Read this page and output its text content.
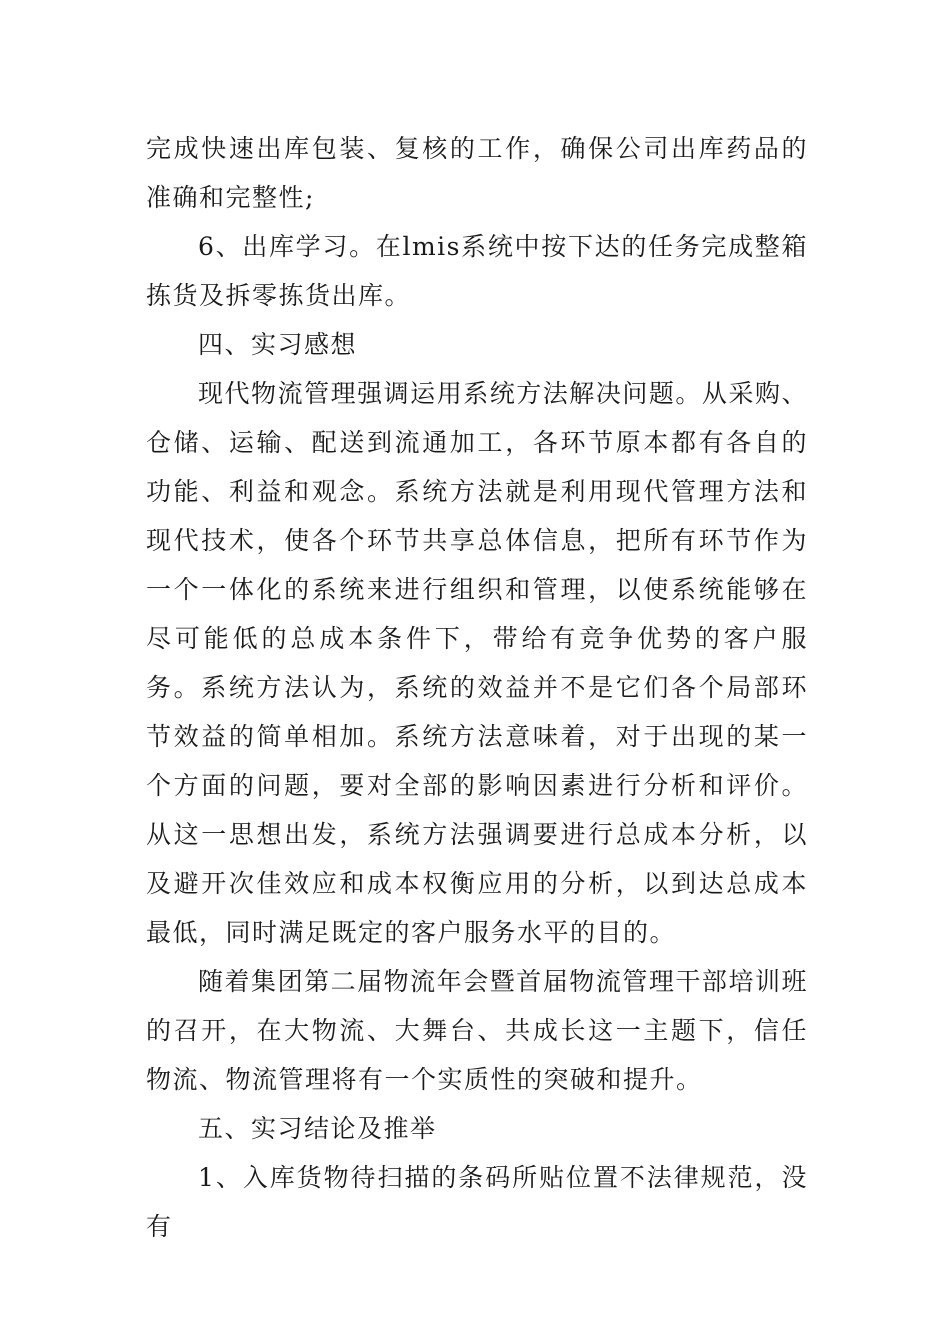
完成快速出库包装、复核的工作，确保公司出库药品的准确和完整性;

6、出库学习。在lmis系统中按下达的任务完成整箱拣货及拆零拣货出库。

四、实习感想

现代物流管理强调运用系统方法解决问题。从采购、仓储、运输、配送到流通加工，各环节原本都有各自的功能、利益和观念。系统方法就是利用现代管理方法和现代技术，使各个环节共享总体信息，把所有环节作为一个一体化的系统来进行组织和管理，以使系统能够在尽可能低的总成本条件下，带给有竞争优势的客户服务。系统方法认为，系统的效益并不是它们各个局部环节效益的简单相加。系统方法意味着，对于出现的某一个方面的问题，要对全部的影响因素进行分析和评价。从这一思想出发，系统方法强调要进行总成本分析，以及避开次佳效应和成本权衡应用的分析，以到达总成本最低，同时满足既定的客户服务水平的目的。

随着集团第二届物流年会暨首届物流管理干部培训班的召开，在大物流、大舞台、共成长这一主题下，信任物流、物流管理将有一个实质性的突破和提升。

五、实习结论及推举

1、入库货物待扫描的条码所贴位置不法律规范，没有
